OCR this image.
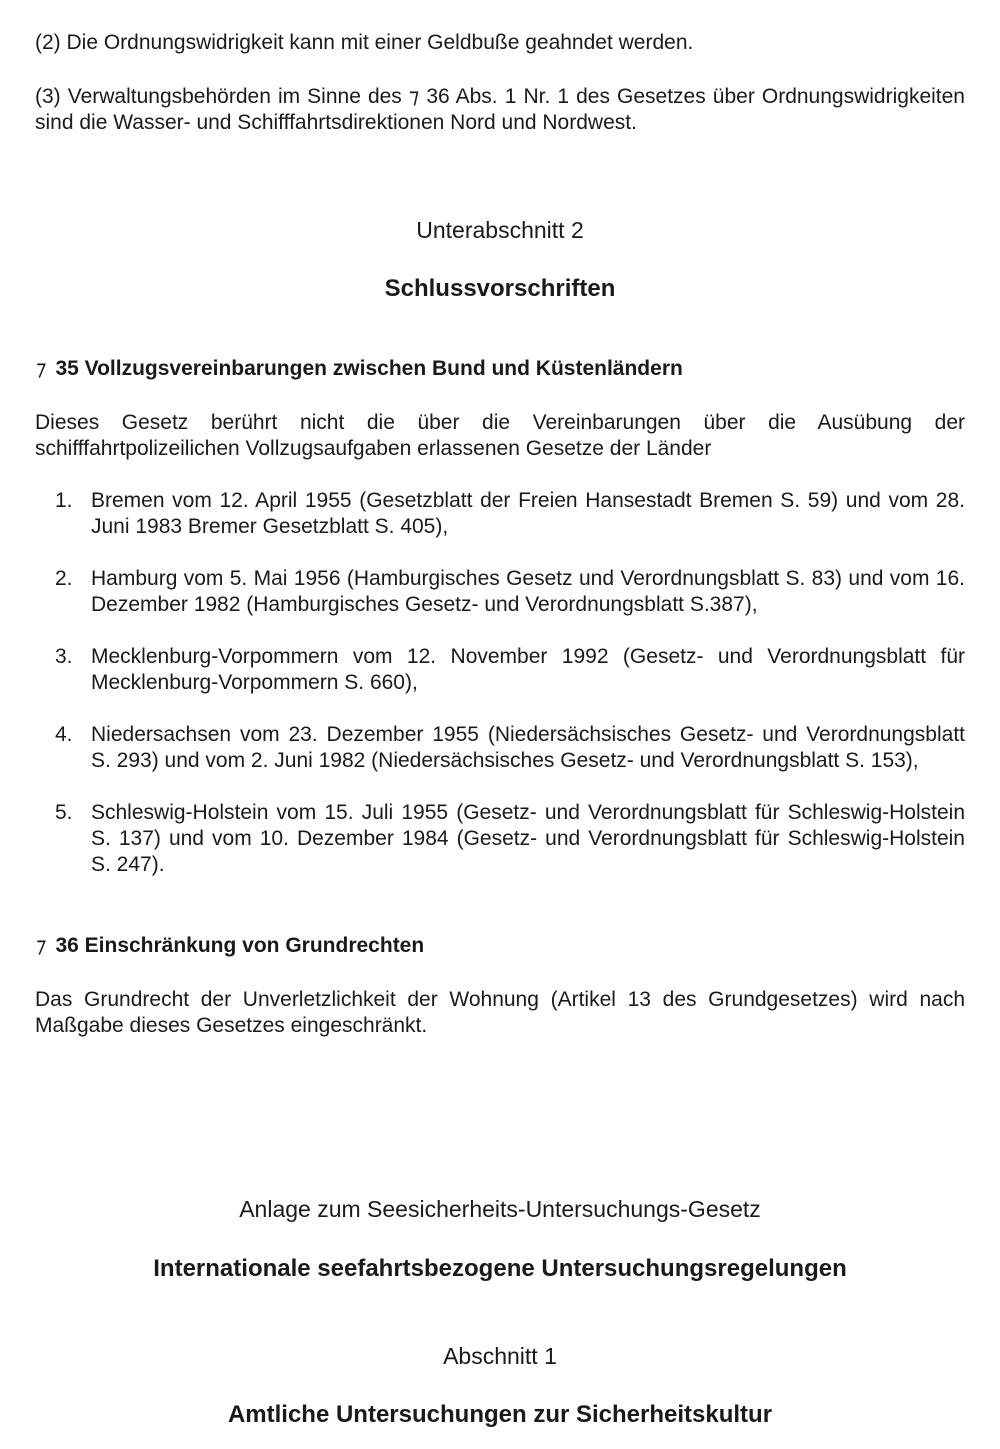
(2) Die Ordnungswidrigkeit kann mit einer Geldbuße geahndet werden.

(3) Verwaltungsbehörden im Sinne des ⁊ 36 Abs. 1 Nr. 1 des Gesetzes über Ordnungswidrigkeiten sind die Wasser- und Schifffahrtsdirektionen Nord und Nordwest.

Unterabschnitt 2
Schlussvorschriften
⁊ 35 Vollzugsvereinbarungen zwischen Bund und Küstenländern

Dieses Gesetz berührt nicht die über die Vereinbarungen über die Ausübung der schifffahrtpolizeilichen Vollzugsaufgaben erlassenen Gesetze der Länder

1. Bremen vom 12. April 1955 (Gesetzblatt der Freien Hansestadt Bremen S. 59) und vom 28. Juni 1983 Bremer Gesetzblatt S. 405),
2. Hamburg vom 5. Mai 1956 (Hamburgisches Gesetz und Verordnungsblatt S. 83) und vom 16. Dezember 1982 (Hamburgisches Gesetz- und Verordnungsblatt S.387),
3. Mecklenburg-Vorpommern vom 12. November 1992 (Gesetz- und Verordnungsblatt für Mecklenburg-Vorpommern S. 660),
4. Niedersachsen vom 23. Dezember 1955 (Niedersächsisches Gesetz- und Verordnungsblatt S. 293) und vom 2. Juni 1982 (Niedersächsisches Gesetz- und Verordnungsblatt S. 153),
5. Schleswig-Holstein vom 15. Juli 1955 (Gesetz- und Verordnungsblatt für Schleswig-Holstein S. 137) und vom 10. Dezember 1984 (Gesetz- und Verordnungsblatt für Schleswig-Holstein S. 247).
⁊ 36 Einschränkung von Grundrechten

Das Grundrecht der Unverletzlichkeit der Wohnung (Artikel 13 des Grundgesetzes) wird nach Maßgabe dieses Gesetzes eingeschränkt.

Anlage zum Seesicherheits-Untersuchungs-Gesetz
Internationale seefahrtsbezogene Untersuchungsregelungen
Abschnitt 1
Amtliche Untersuchungen zur Sicherheitskultur
